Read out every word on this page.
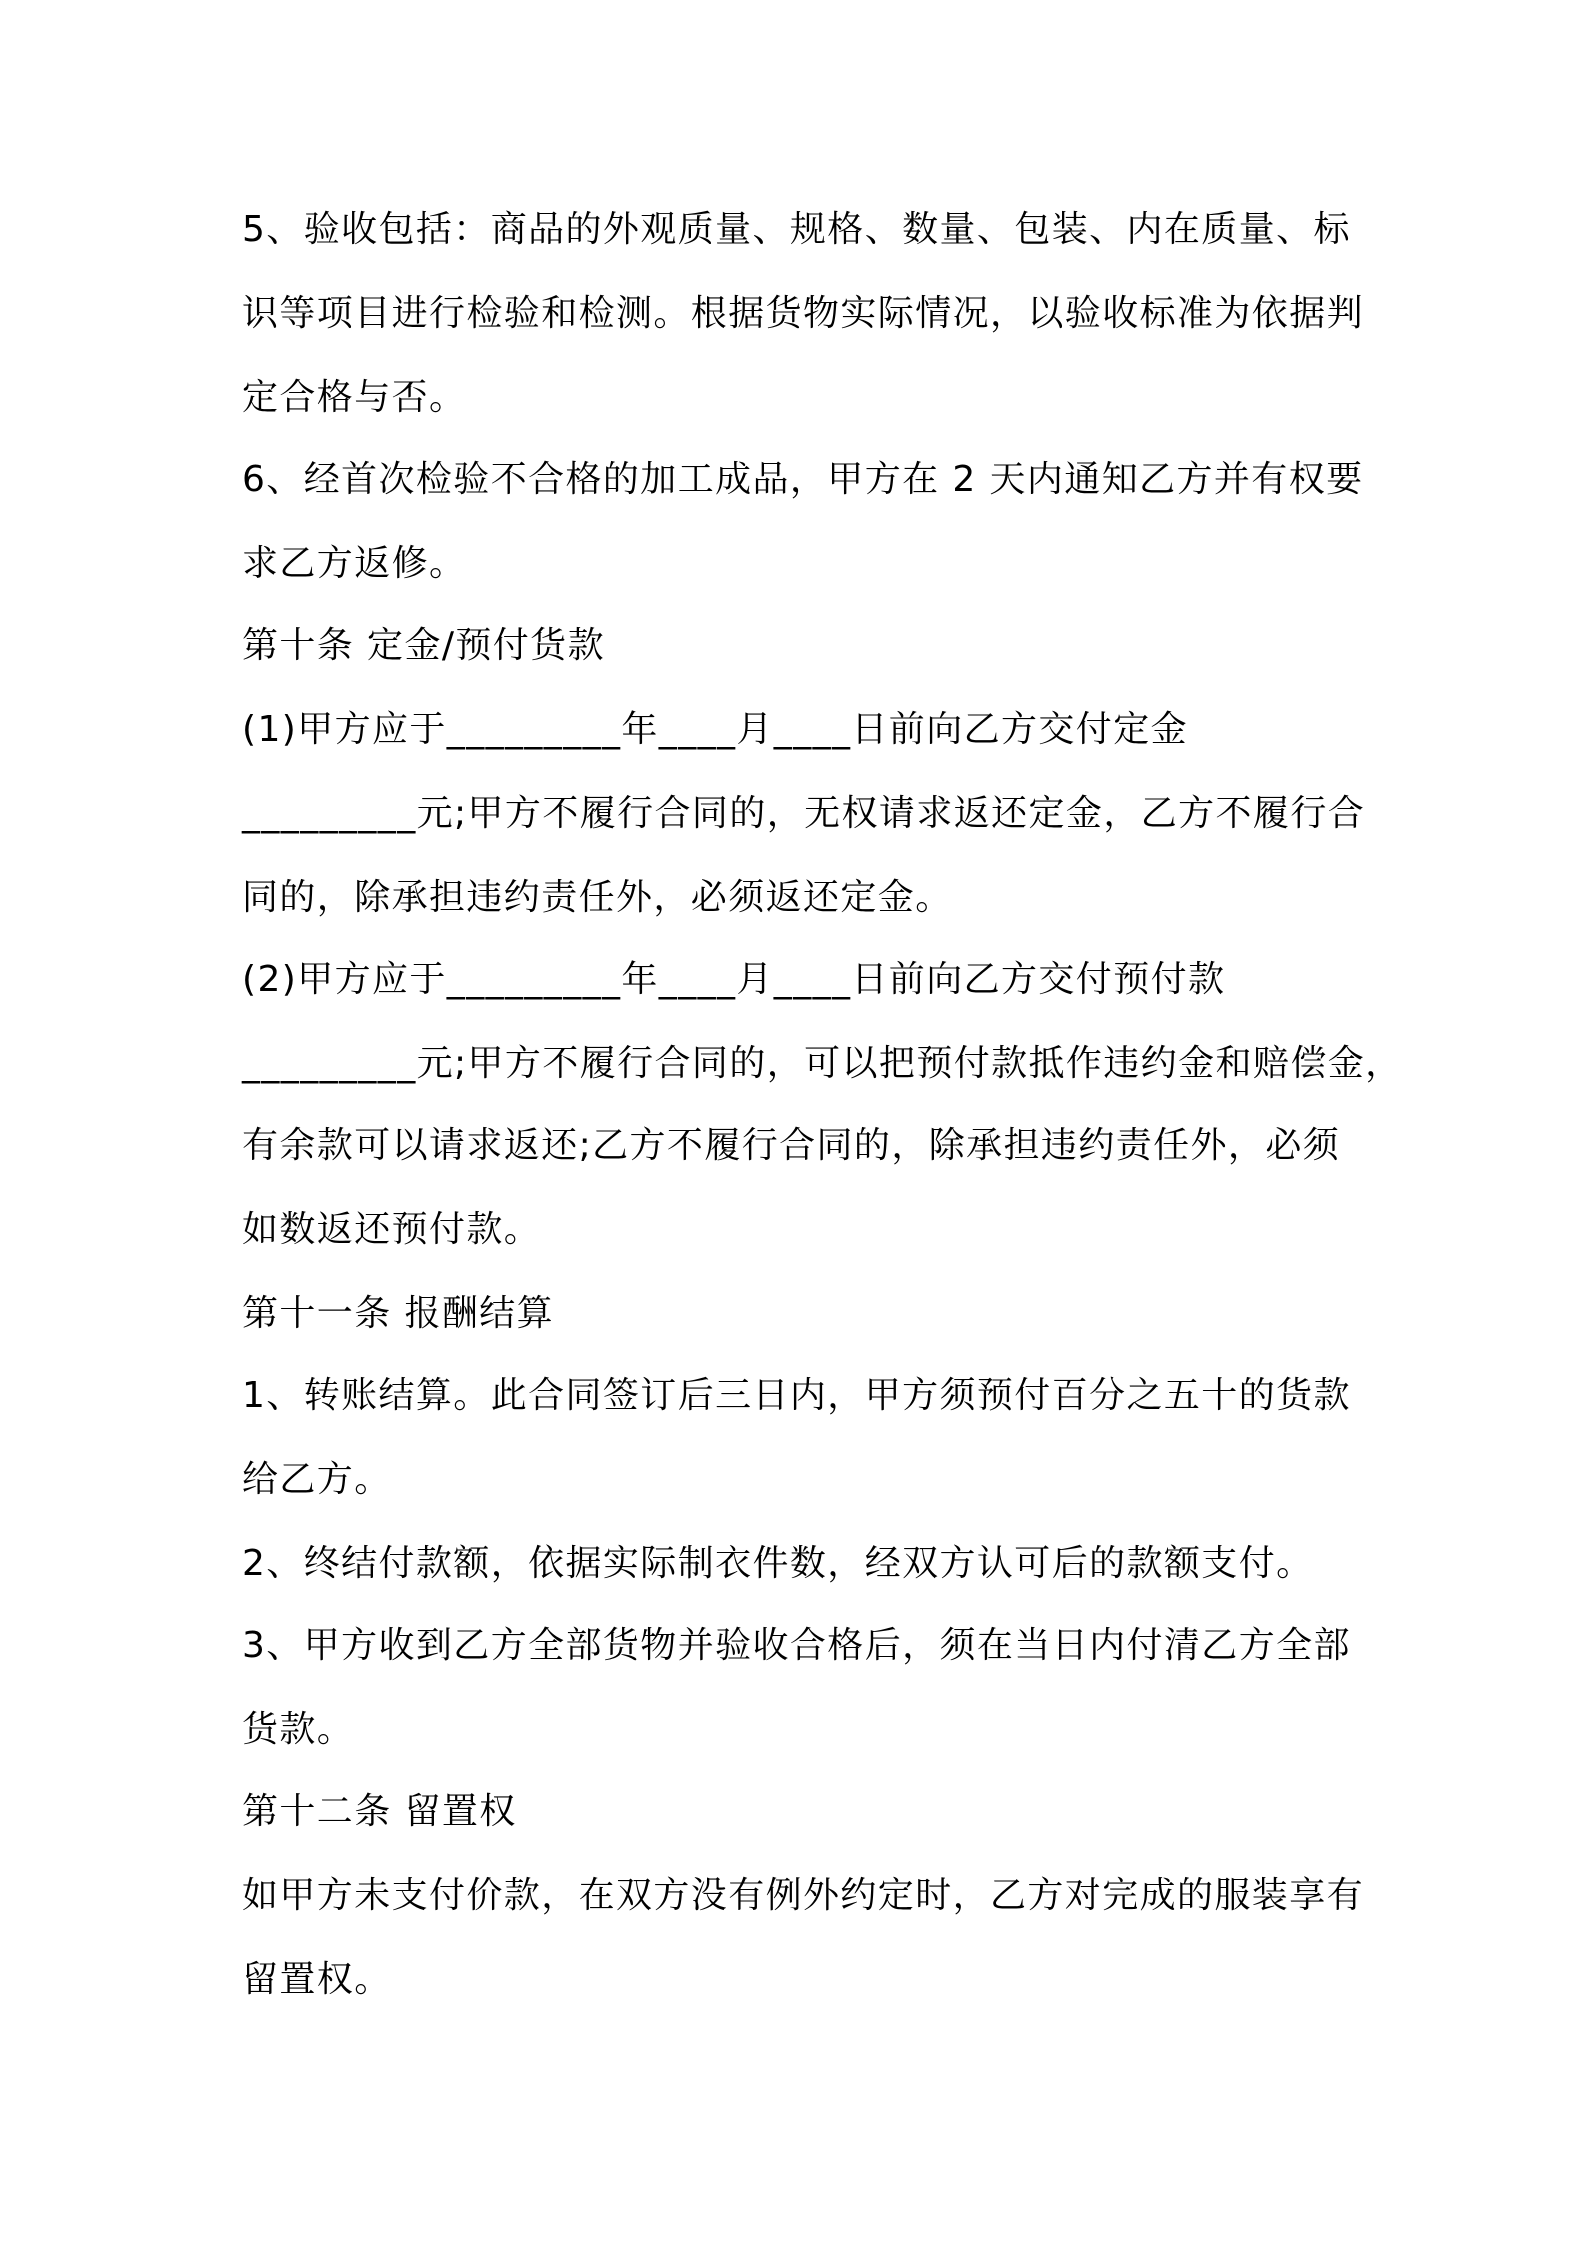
5、验收包括：商品的外观质量、规格、数量、包装、内在质量、标
识等项目进行检验和检测。根据货物实际情况，以验收标准为依据判
定合格与否。
6、经首次检验不合格的加工成品，甲方在 2 天内通知乙方并有权要
求乙方返修。
第十条 定金/预付货款
(1)甲方应于_________年____月____日前向乙方交付定金
_________元;甲方不履行合同的，无权请求返还定金，乙方不履行合
同的，除承担违约责任外，必须返还定金。
(2)甲方应于_________年____月____日前向乙方交付预付款
_________元;甲方不履行合同的，可以把预付款抵作违约金和赔偿金，
有余款可以请求返还;乙方不履行合同的，除承担违约责任外，必须
如数返还预付款。
第十一条 报酬结算
1、转账结算。此合同签订后三日内，甲方须预付百分之五十的货款
给乙方。
2、终结付款额，依据实际制衣件数，经双方认可后的款额支付。
3、甲方收到乙方全部货物并验收合格后，须在当日内付清乙方全部
货款。
第十二条 留置权
如甲方未支付价款，在双方没有例外约定时，乙方对完成的服装享有
留置权。
